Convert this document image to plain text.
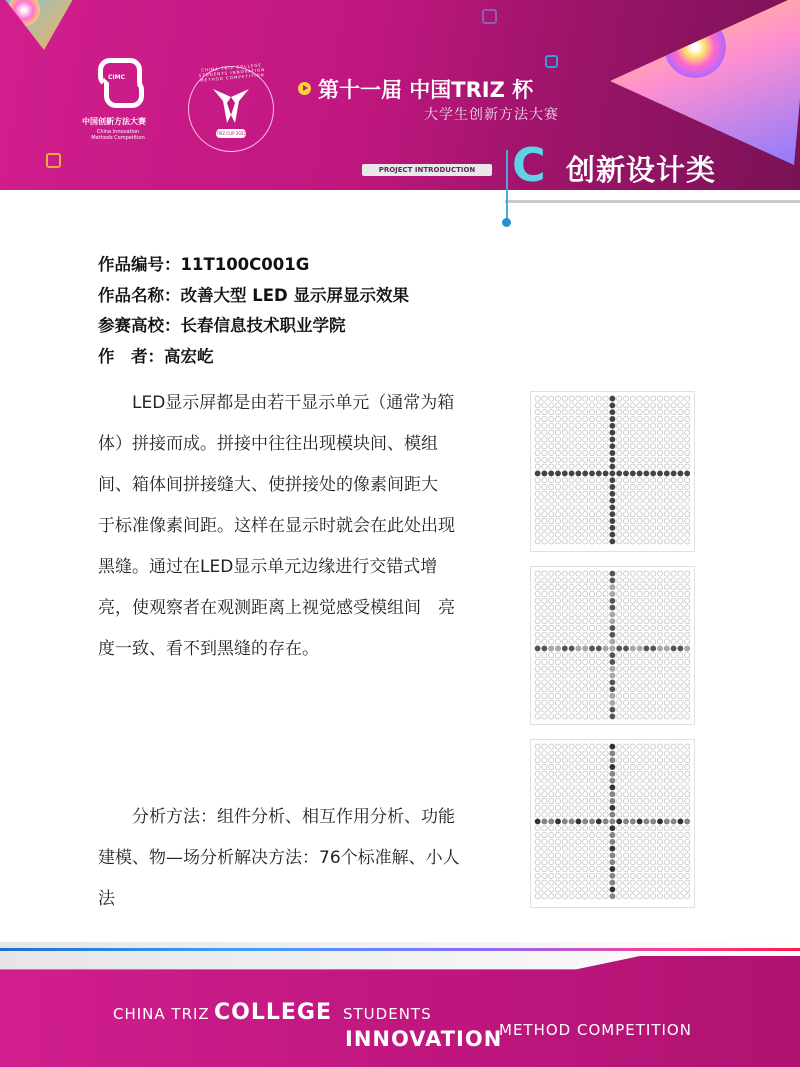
CIMC
中国创新方法大赛
China Innovation Methods Competition
CHINA TRIZ COLLEGE STUDENTS INNOVATION METHOD COMPETITION
TRIZ CUP 2022
第十一届 中国TRIZ 杯
大学生创新方法大赛
PROJECT INTRODUCTION C 创新设计类
作品编号：11T100C001G
作品名称：改善大型 LED 显示屏显示效果
参赛高校：长春信息技术职业学院
作　者：高宏屹

LED显示屏都是由若干显示单元（通常为箱体）拼接而成。拼接中往往出现模块间、模组间、箱体间拼接缝大、使拼接处的像素间距大　于标准像素间距。这样在显示时就会在此处出现黑缝。通过在LED显示单元边缘进行交错式增亮，使观察者在观测距离上视觉感受模组间　亮度一致、看不到黑缝的存在。

分析方法：组件分析、相互作用分析、功能建模、物—场分析解决方法：76个标准解、小人法

CHINA TRIZ COLLEGE STUDENTS
INNOVATION
METHOD COMPETITION
